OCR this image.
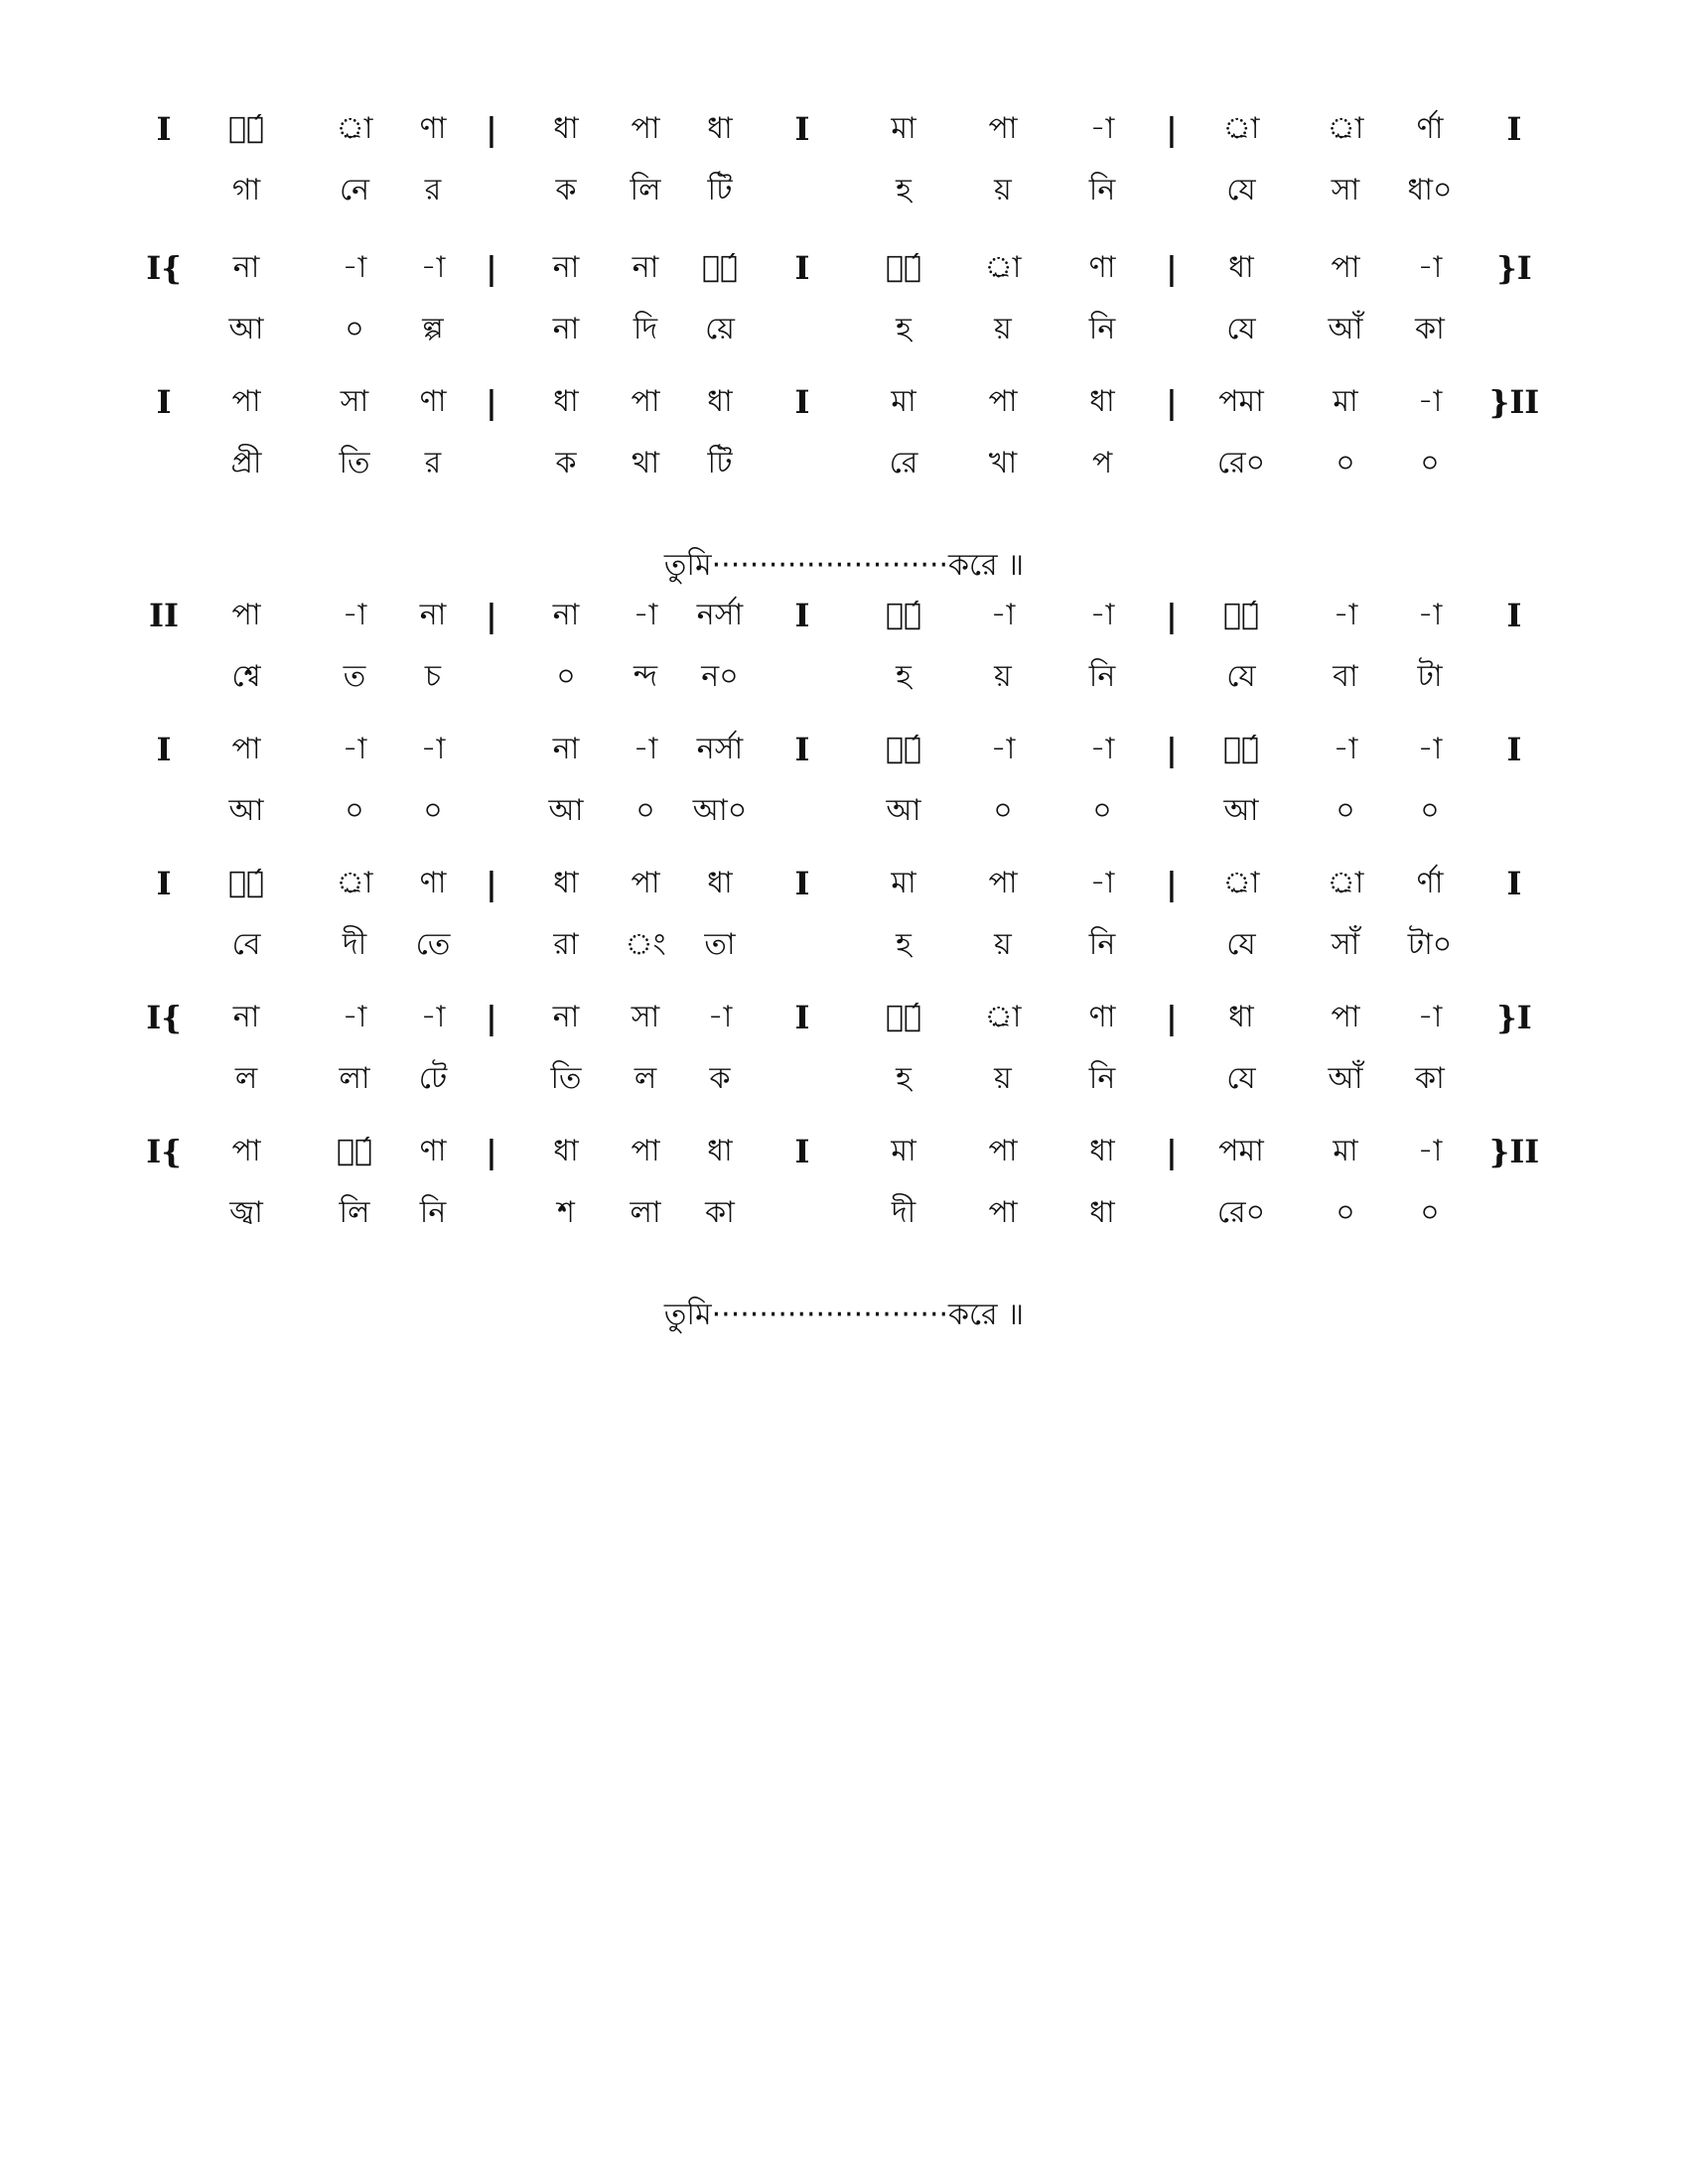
I সা́ র্া ণা | ধা পা ধা I	মা পা -া | র্া র্া র্ণা I
গা	নে র	ক লি টি	হ	য়	নি	যে	সা ধা০
I{ না	-া -া | না না সা́ I	সা́ র্া ণা | ধা	পা -া }I
আ	০ ল্প	না দি য়ে	হ	য়	নি	যে আঁ কা
I পা	সা ণা | ধা পা ধা I	মা পা ধা | পমা মা -া }II
প্রী	তি র	ক থা টি	রে খা	প	রে০ ০ ০
তুমি·························করে ॥
II পা	-া না | না -া নর্সা I	সা́ -া	-া | সা́ -া -া I
শ্বে	ত চ	০ ন্দ ন০	হ	য়	নি	যে	বা টা
I পা	-া -া	না -া নর্সা I	সা́ -া	-া | সা́ -া -া I
আ	০ ০	আ ০ আ০	আ ০	০	আ	০ ০
I সা́ র্া ণা | ধা পা ধা I	মা পা -া | র্া র্া র্ণা I
বে	দী তে	রা ং তা	হ	য়	নি	যে	সাঁ টা০
I{ না	-া -া | না সা -া I	সা́ র্া ণা | ধা	পা -া }I
ল	লা টে	তি ল ক	হ	য়	নি	যে আঁ কা
I{ পা	সা́ ণা | ধা পা ধা I	মা পা ধা | পমা মা -া }II
জ্বা	লি নি	শ লা কা	দী পা ধা	রে০ ০ ০
তুমি·························করে ॥
